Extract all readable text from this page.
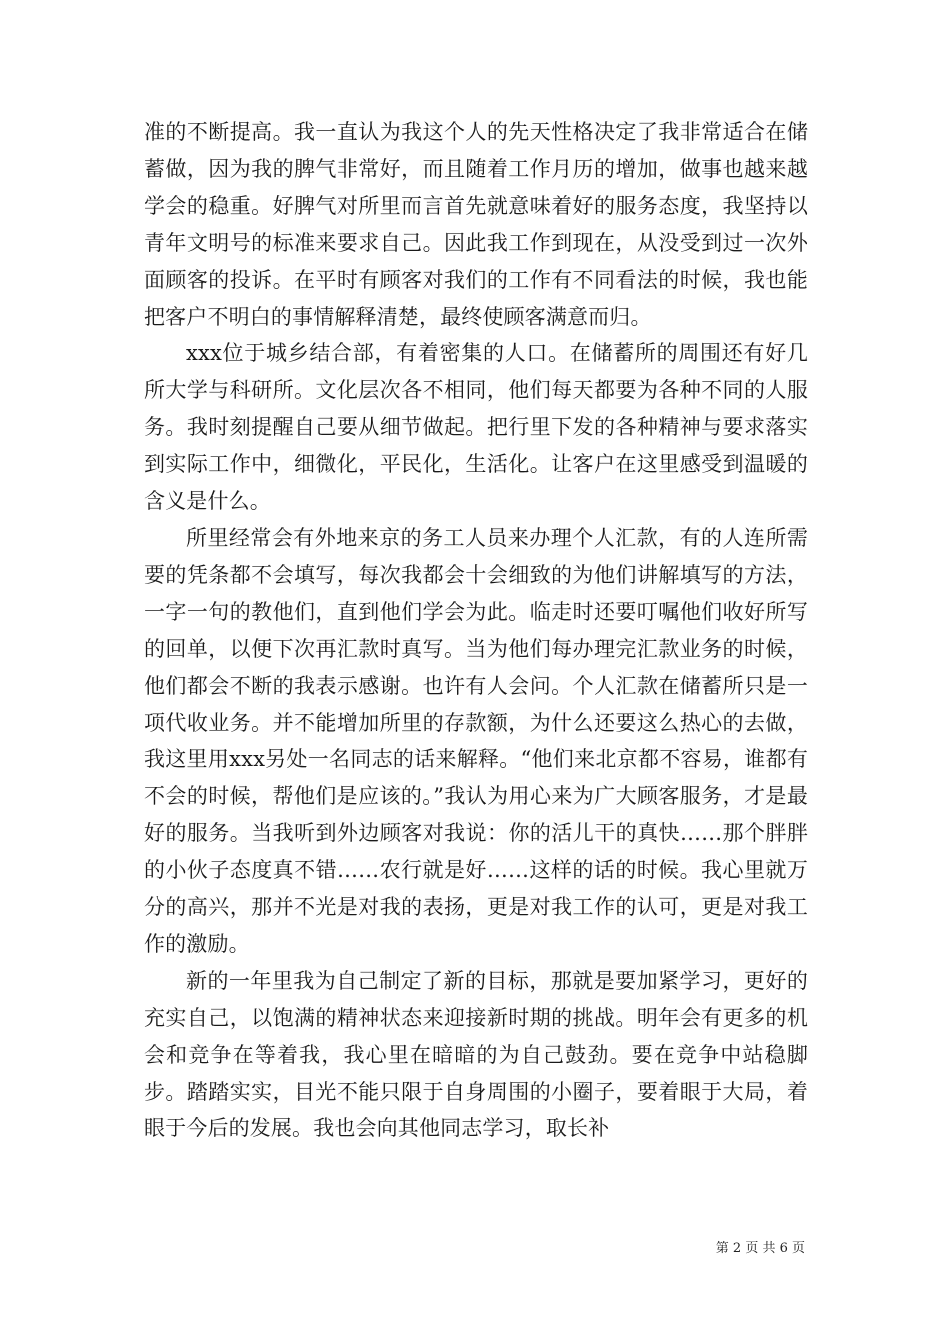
准的不断提高。我一直认为我这个人的先天性格决定了我非常适合在储蓄做，因为我的脾气非常好，而且随着工作月历的增加，做事也越来越学会的稳重。好脾气对所里而言首先就意味着好的服务态度，我坚持以青年文明号的标准来要求自己。因此我工作到现在，从没受到过一次外面顾客的投诉。在平时有顾客对我们的工作有不同看法的时候，我也能把客户不明白的事情解释清楚，最终使顾客满意而归。

xxx位于城乡结合部，有着密集的人口。在储蓄所的周围还有好几所大学与科研所。文化层次各不相同，他们每天都要为各种不同的人服务。我时刻提醒自己要从细节做起。把行里下发的各种精神与要求落实到实际工作中，细微化，平民化，生活化。让客户在这里感受到温暖的含义是什么。

所里经常会有外地来京的务工人员来办理个人汇款，有的人连所需要的凭条都不会填写，每次我都会十会细致的为他们讲解填写的方法，一字一句的教他们，直到他们学会为此。临走时还要叮嘱他们收好所写的回单，以便下次再汇款时真写。当为他们每办理完汇款业务的时候，他们都会不断的我表示感谢。也许有人会问。个人汇款在储蓄所只是一项代收业务。并不能增加所里的存款额，为什么还要这么热心的去做，我这里用xxx另处一名同志的话来解释。“他们来北京都不容易，谁都有不会的时候，帮他们是应该的。”我认为用心来为广大顾客服务，才是最好的服务。当我听到外边顾客对我说：你的活儿干的真快……那个胖胖的小伙子态度真不错……农行就是好……这样的话的时候。我心里就万分的高兴，那并不光是对我的表扬，更是对我工作的认可，更是对我工作的激励。

新的一年里我为自己制定了新的目标，那就是要加紧学习，更好的充实自己，以饱满的精神状态来迎接新时期的挑战。明年会有更多的机会和竞争在等着我，我心里在暗暗的为自己鼓劲。要在竞争中站稳脚步。踏踏实实，目光不能只限于自身周围的小圈子，要着眼于大局，着眼于今后的发展。我也会向其他同志学习，取长补

第 2 页 共 6 页
